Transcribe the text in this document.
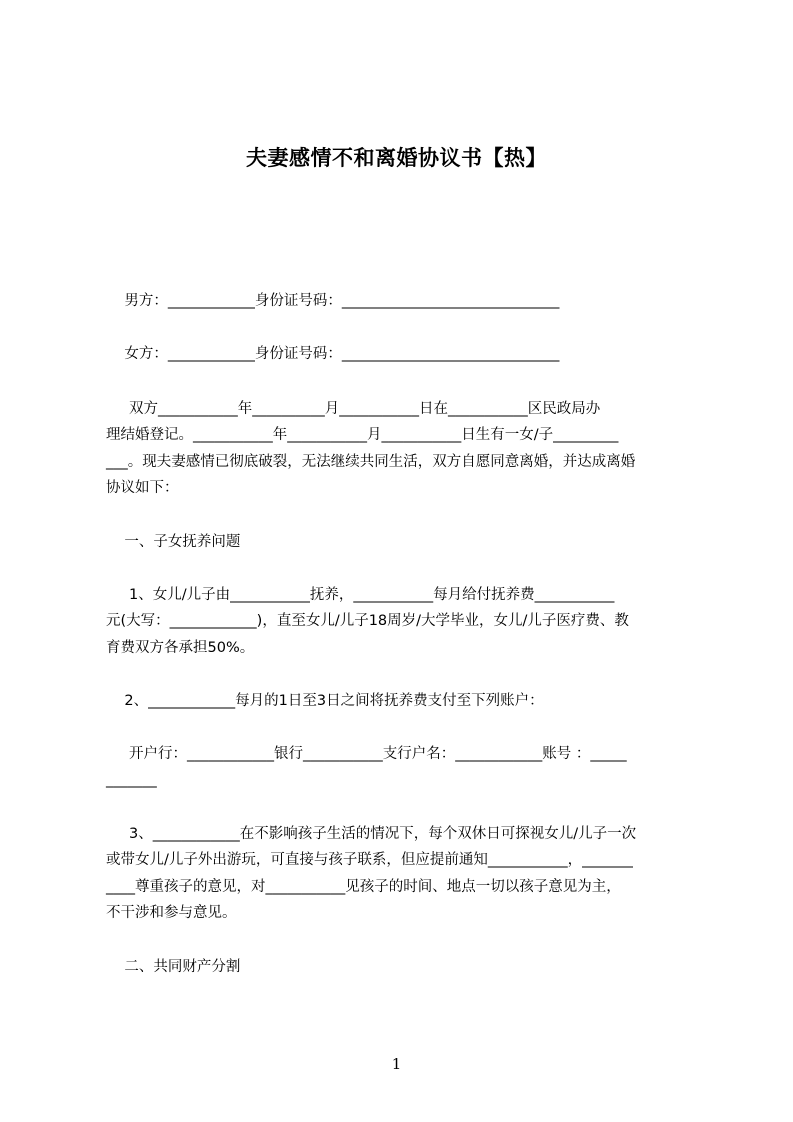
夫妻感情不和离婚协议书【热】
男方：____________身份证号码：______________________________
女方：____________身份证号码：______________________________
双方___________年__________月___________日在___________区民政局办
理结婚登记。___________年___________月___________日生有一女/子_________
___。现夫妻感情已彻底破裂，无法继续共同生活，双方自愿同意离婚，并达成离婚
协议如下：
一、子女抚养问题
1、女儿/儿子由___________抚养，___________每月给付抚养费___________
元(大写：____________)，直至女儿/儿子18周岁/大学毕业，女儿/儿子医疗费、教
育费双方各承担50%。
2、____________每月的1日至3日之间将抚养费支付至下列账户：
开户行：____________银行___________支行户名：____________账号 ：_____
_______
3、____________在不影响孩子生活的情况下，每个双休日可探视女儿/儿子一次
或带女儿/儿子外出游玩，可直接与孩子联系，但应提前通知___________，_______
____尊重孩子的意见，对___________见孩子的时间、地点一切以孩子意见为主，
不干涉和参与意见。
二、共同财产分割
1
